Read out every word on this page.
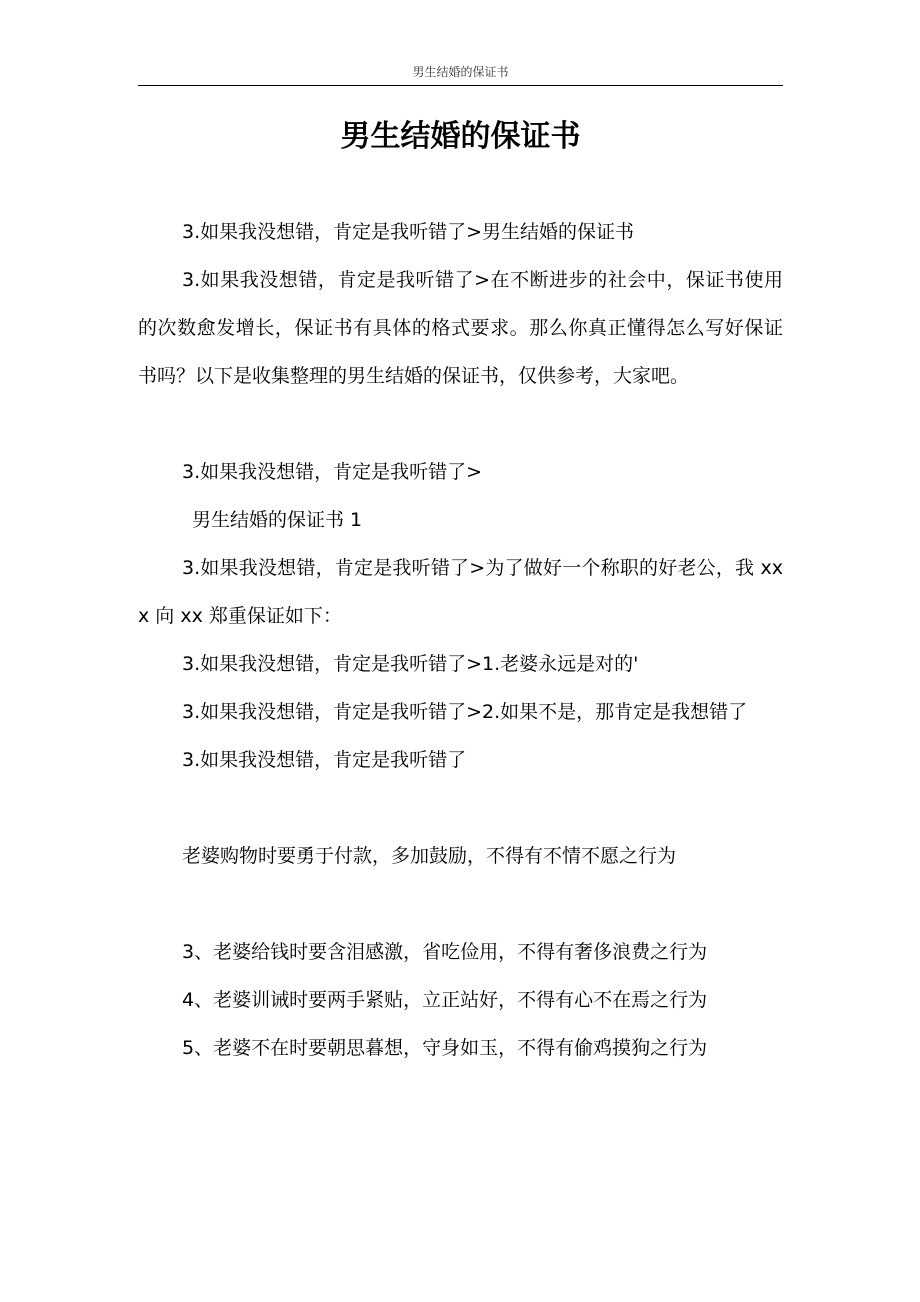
男生结婚的保证书
男生结婚的保证书

3.如果我没想错，肯定是我听错了>男生结婚的保证书

3.如果我没想错，肯定是我听错了>在不断进步的社会中，保证书使用的次数愈发增长，保证书有具体的格式要求。那么你真正懂得怎么写好保证书吗？以下是收集整理的男生结婚的保证书，仅供参考，大家吧。

3.如果我没想错，肯定是我听错了>

男生结婚的保证书 1

3.如果我没想错，肯定是我听错了>为了做好一个称职的好老公，我 xxx 向 xx 郑重保证如下：

3.如果我没想错，肯定是我听错了>1.老婆永远是对的'

3.如果我没想错，肯定是我听错了>2.如果不是，那肯定是我想错了

3.如果我没想错，肯定是我听错了

老婆购物时要勇于付款，多加鼓励，不得有不情不愿之行为

3、老婆给钱时要含泪感激，省吃俭用，不得有奢侈浪费之行为

4、老婆训诫时要两手紧贴，立正站好，不得有心不在焉之行为

5、老婆不在时要朝思暮想，守身如玉，不得有偷鸡摸狗之行为
